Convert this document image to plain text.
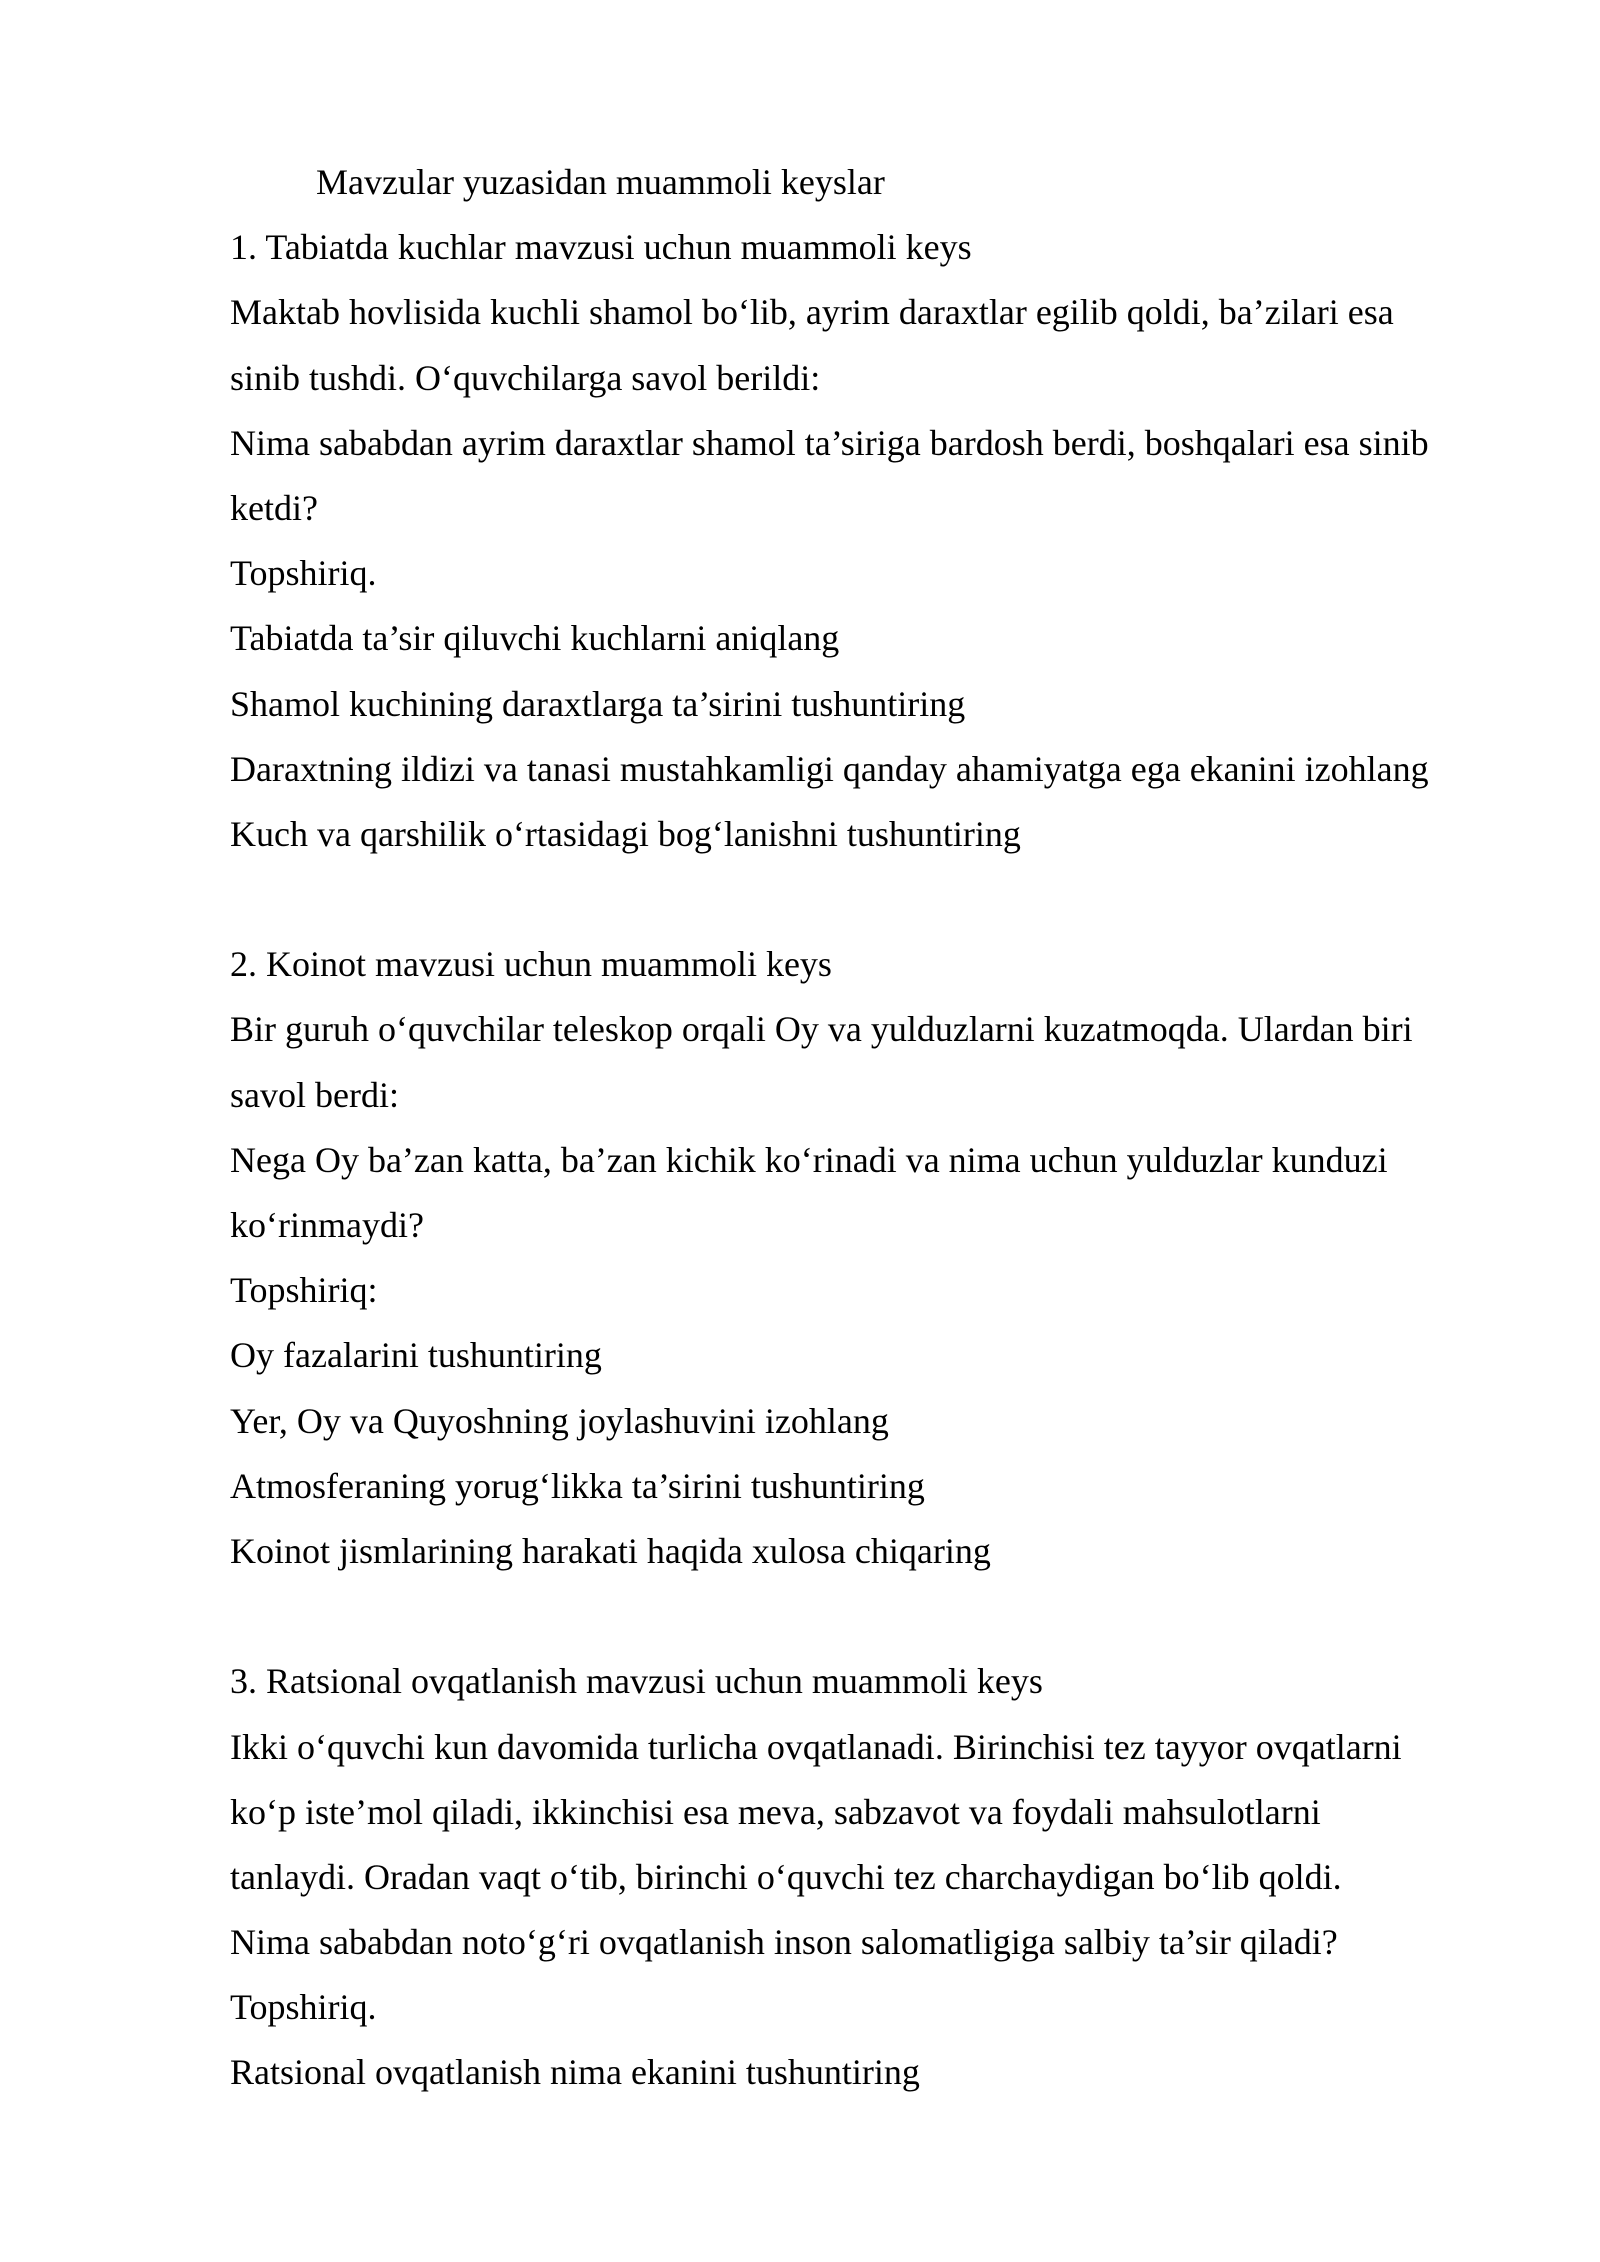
Mavzular yuzasidan muammoli keyslar

1. Tabiatda kuchlar mavzusi uchun muammoli keys

Maktab hovlisida kuchli shamol bo‘lib, ayrim daraxtlar egilib qoldi, ba’zilari esa

sinib tushdi. O‘quvchilarga savol berildi:

Nima sababdan ayrim daraxtlar shamol ta’siriga bardosh berdi, boshqalari esa sinib

ketdi?

Topshiriq.

Tabiatda ta’sir qiluvchi kuchlarni aniqlang

Shamol kuchining daraxtlarga ta’sirini tushuntiring

Daraxtning ildizi va tanasi mustahkamligi qanday ahamiyatga ega ekanini izohlang

Kuch va qarshilik o‘rtasidagi bog‘lanishni tushuntiring

2. Koinot mavzusi uchun muammoli keys

Bir guruh o‘quvchilar teleskop orqali Oy va yulduzlarni kuzatmoqda. Ulardan biri

savol berdi:

Nega Oy ba’zan katta, ba’zan kichik ko‘rinadi va nima uchun yulduzlar kunduzi

ko‘rinmaydi?

Topshiriq:

Oy fazalarini tushuntiring

Yer, Oy va Quyoshning joylashuvini izohlang

Atmosferaning yorug‘likka ta’sirini tushuntiring

Koinot jismlarining harakati haqida xulosa chiqaring

3. Ratsional ovqatlanish mavzusi uchun muammoli keys

Ikki o‘quvchi kun davomida turlicha ovqatlanadi. Birinchisi tez tayyor ovqatlarni

ko‘p iste’mol qiladi, ikkinchisi esa meva, sabzavot va foydali mahsulotlarni

tanlaydi. Oradan vaqt o‘tib, birinchi o‘quvchi tez charchaydigan bo‘lib qoldi.

Nima sababdan noto‘g‘ri ovqatlanish inson salomatligiga salbiy ta’sir qiladi?

Topshiriq.

Ratsional ovqatlanish nima ekanini tushuntiring
